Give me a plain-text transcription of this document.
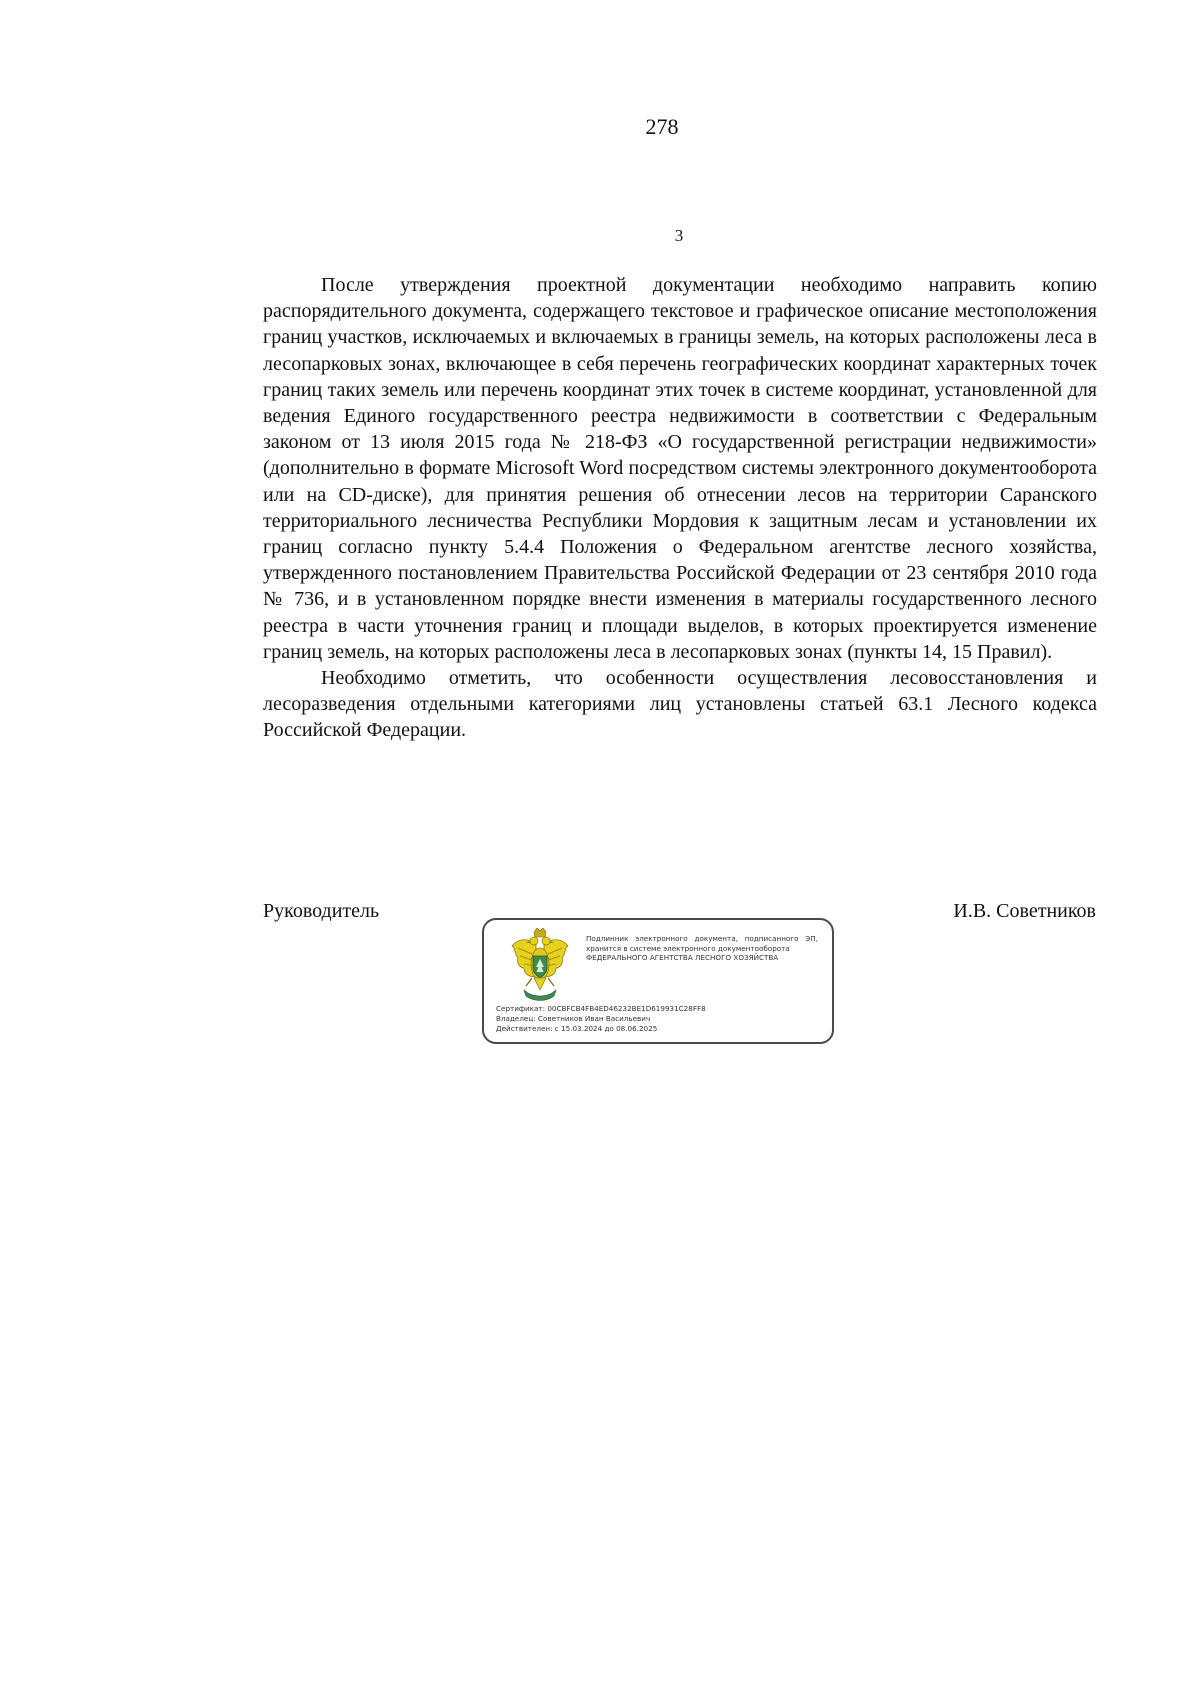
278
3

После утверждения проектной документации необходимо направить копию распорядительного документа, содержащего текстовое и графическое описание местоположения границ участков, исключаемых и включаемых в границы земель, на которых расположены леса в лесопарковых зонах, включающее в себя перечень географических координат характерных точек границ таких земель или перечень координат этих точек в системе координат, установленной для ведения Единого государственного реестра недвижимости в соответствии с Федеральным законом от 13 июля 2015 года № 218-ФЗ «О государственной регистрации недвижимости» (дополнительно в формате Microsoft Word посредством системы электронного документооборота или на CD-диске), для принятия решения об отнесении лесов на территории Саранского территориального лесничества Республики Мордовия к защитным лесам и установлении их границ согласно пункту 5.4.4 Положения о Федеральном агентстве лесного хозяйства, утвержденного постановлением Правительства Российской Федерации от 23 сентября 2010 года № 736, и в установленном порядке внести изменения в материалы государственного лесного реестра в части уточнения границ и площади выделов, в которых проектируется изменение границ земель, на которых расположены леса в лесопарковых зонах (пункты 14, 15 Правил).

Необходимо отметить, что особенности осуществления лесовосстановления и лесоразведения отдельными категориями лиц установлены статьей 63.1 Лесного кодекса Российской Федерации.

Руководитель	И.В. Советников
Подлинник электронного документа, подписанного ЭП, хранится в системе электронного документооборота
ФЕДЕРАЛЬНОГО АГЕНТСТВА ЛЕСНОГО ХОЗЯЙСТВА
Сертификат: 00CBFCB4FB4ED46232BE1D619931C28FF8
Владелец: Советников Иван Васильевич
Действителен: с 15.03.2024 до 08.06.2025
